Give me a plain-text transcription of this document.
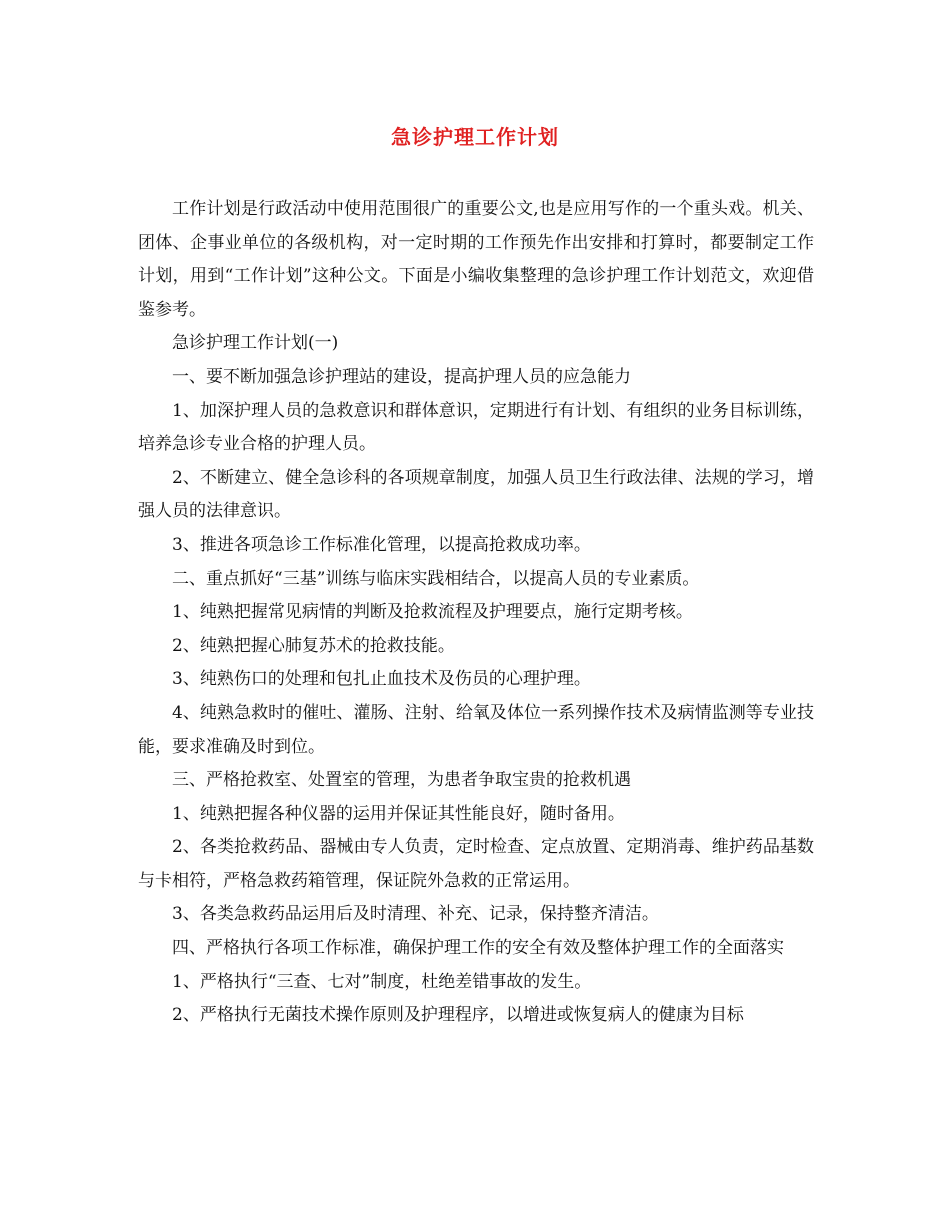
急诊护理工作计划

工作计划是行政活动中使用范围很广的重要公文,也是应用写作的一个重头戏。机关、团体、企事业单位的各级机构，对一定时期的工作预先作出安排和打算时，都要制定工作计划，用到“工作计划”这种公文。下面是小编收集整理的急诊护理工作计划范文，欢迎借鉴参考。

急诊护理工作计划(一)

一、要不断加强急诊护理站的建设，提高护理人员的应急能力

1、加深护理人员的急救意识和群体意识，定期进行有计划、有组织的业务目标训练，培养急诊专业合格的护理人员。

2、不断建立、健全急诊科的各项规章制度，加强人员卫生行政法律、法规的学习，增强人员的法律意识。

3、推进各项急诊工作标准化管理，以提高抢救成功率。

二、重点抓好“三基”训练与临床实践相结合，以提高人员的专业素质。

1、纯熟把握常见病情的判断及抢救流程及护理要点，施行定期考核。

2、纯熟把握心肺复苏术的抢救技能。

3、纯熟伤口的处理和包扎止血技术及伤员的心理护理。

4、纯熟急救时的催吐、灌肠、注射、给氧及体位一系列操作技术及病情监测等专业技能，要求准确及时到位。

三、严格抢救室、处置室的管理，为患者争取宝贵的抢救机遇

1、纯熟把握各种仪器的运用并保证其性能良好，随时备用。

2、各类抢救药品、器械由专人负责，定时检查、定点放置、定期消毒、维护药品基数与卡相符，严格急救药箱管理，保证院外急救的正常运用。

3、各类急救药品运用后及时清理、补充、记录，保持整齐清洁。

四、严格执行各项工作标准，确保护理工作的安全有效及整体护理工作的全面落实

1、严格执行“三查、七对”制度，杜绝差错事故的发生。

2、严格执行无菌技术操作原则及护理程序，以增进或恢复病人的健康为目标
